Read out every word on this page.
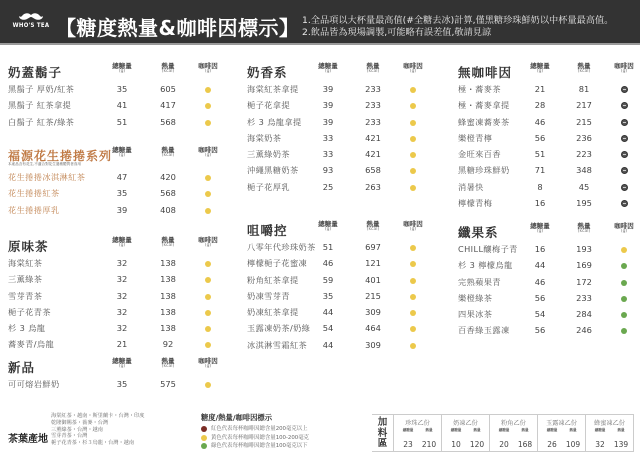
WHO'S TEA 【糖度熱量&咖啡因標示】 1.全品項以大杯量最高值(#全糖去冰)計算,僅黑糖珍珠鮮奶以中杯量最高值。
2.飲品皆為現場調製,可能略有誤差值,敬請見諒
奶蓋鬍子	總糖量
(g)
熱量
(kcal)
咖啡因
(g)
黑鬍子 厚奶/紅茶	35	605
黑鬍子 紅茶拿提	41	417
白鬍子 紅茶/綠茶	51	568
福源花生捲捲系列
本產品含有花生,不適合對花生過敏體質者食用
總糖量
(g)
熱量
(kcal)
咖啡因
(g)
花生捲捲冰淇淋紅茶	47	420
花生捲捲紅茶	35	568
花生捲捲厚乳	39	408
原味茶	總糖量
(g)
熱量
(kcal)
咖啡因
(g)
海棠紅茶	32	138
三薰綠茶	32	138
雪芽青茶	32	138
梔子花青茶	32	138
杉 3 烏龍	32	138
蕎麥青/烏龍	21	92
新品	總糖量
(g)
熱量
(kcal)
咖啡因
(g)
可可熔岩鮮奶	35	575
奶香系	總糖量
(g)
熱量
(kcal)
咖啡因
(g)
海棠紅茶拿提	39	233
梔子花拿提	39	233
杉 3 烏龍拿提	39	233
海棠奶茶	33	421
三薰綠奶茶	33	421
沖繩黑糖奶茶	93	658
梔子花厚乳	25	263
咀嚼控	總糖量
(g)
熱量
(kcal)
咖啡因
(g)
八零年代珍珠奶茶 51	697
檸檬梔子花蜜凍	46	121
粉角紅茶拿提	59	401
奶凍雪芽青	35	215
奶凍紅茶拿提	44	309
玉露凍奶茶/奶綠	54	464
冰淇淋雪霜紅茶	44	309
無咖啡因	總糖量
(g)
熱量
(kcal)
咖啡因
(g)
極・蕎麥茶	21	81
極・蕎麥拿提	28	217
蜂蜜凍蕎麥茶	46	215
樂橙青檸	56	236
金旺來百香	51	223
黑糖珍珠鮮奶	71	348
消暑快	8	45
檸檬青梅	16	195
纖果系	總糖量
(g)
熱量
(kcal)
咖啡因
(g)
CHILL釀梅子青	16	193
杉 3 檸檬烏龍	44	169
完熟蘋果青	46	172
樂橙綠茶	56	233
四果冰茶	54	284
百香綠玉露凍	56	246
茶葉產地
海棠紅茶・越南・斯里蘭卡・台灣・印度
乾隆御賜茶・蕎麥・台灣
三薰綠茶・台灣・越南
雪芽青茶・台灣
梔子花青茶・杉３烏龍・台灣・越南
糖度/熱量/咖啡因標示
紅色代表每杯咖啡因總含量200毫克以上
黃色代表每杯咖啡因總含量100-200毫克
綠色代表每杯咖啡因總含量100毫克以下
加
料
區
珍珠乙份
總糖量	熱量
23	210
奶凍乙份
總糖量	熱量
10	120
粉角乙份
總糖量	熱量
20	168
玉露凍乙份
總糖量	熱量
26	109
蜂蜜凍乙份
總糖量	熱量
32	139
